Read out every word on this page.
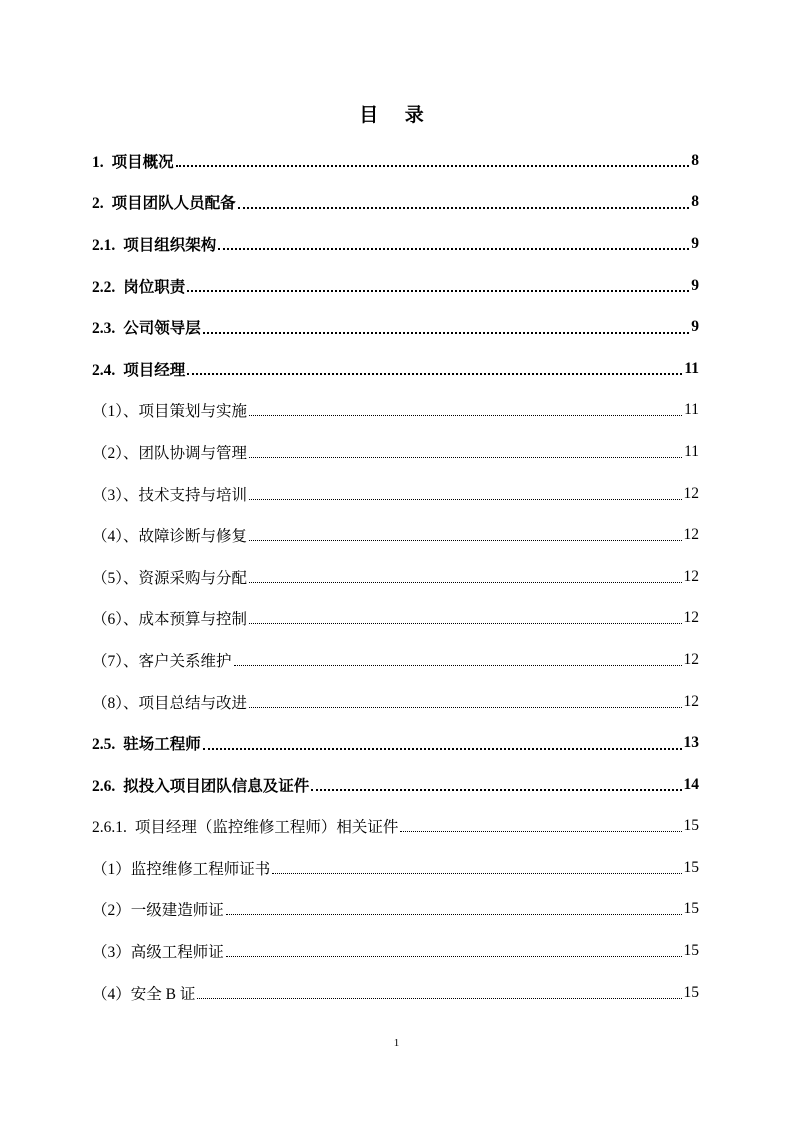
目 录
1. 项目概况	8
2. 项目团队人员配备	8
2.1. 项目组织架构	9
2.2. 岗位职责	9
2.3. 公司领导层	9
2.4. 项目经理	11
（1）、项目策划与实施	11
（2）、团队协调与管理	11
（3）、技术支持与培训	12
（4）、故障诊断与修复	12
（5）、资源采购与分配	12
（6）、成本预算与控制	12
（7）、客户关系维护	12
（8）、项目总结与改进	12
2.5. 驻场工程师	13
2.6. 拟投入项目团队信息及证件	14
2.6.1. 项目经理（监控维修工程师）相关证件	15
（1）监控维修工程师证书	15
（2）一级建造师证	15
（3）高级工程师证	15
（4）安全 B 证	15
1
